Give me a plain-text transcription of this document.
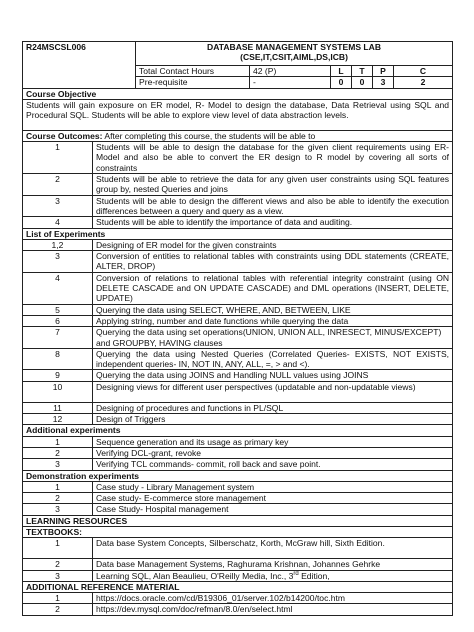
R24MSCSL006		DATABASE MANAGEMENT SYSTEMS LAB
(CSE,IT,CSIT,AIML,DS,ICB)					

		Total Contact Hours	42 (P)	L	T	P	C
		Pre-requisite	-	0	0	3	2
Course Objective							
Students will gain exposure on ER model, R- Model to design the database, Data Retrieval using SQL and Procedural SQL. Students will be able to explore view level of data abstraction levels.							
Course Outcomes: After completing this course, the students will be able to							
1	Students will be able to design the database for the given client requirements using ER- Model and also be able to convert the ER design to R model by covering all sorts of constraints						
2	Students will be able to retrieve the data for any given user constraints using SQL features group by, nested Queries and joins						
3	Students will be able to design the different views and also be able to identify the execution differences between a query and query as a view.						
4	Students will be able to identify the importance of data and auditing.						
List of Experiments							
1,2	Designing of ER model for the given constraints						
3	Conversion of entities to relational tables with constraints using DDL statements (CREATE, ALTER, DROP)						
4	Conversion of relations to relational tables with referential integrity constraint (using ON DELETE CASCADE and ON UPDATE CASCADE) and DML operations (INSERT, DELETE, UPDATE)						
5	Querying the data using SELECT, WHERE, AND, BETWEEN, LIKE						
6	Applying string, number and date functions while querying the data						
7	Querying the data using set operations(UNION, UNION ALL, INRESECT, MINUS/EXCEPT) and GROUPBY, HAVING clauses						
8	Querying the data using Nested Queries (Correlated Queries- EXISTS, NOT EXISTS, independent queries- IN, NOT IN, ANY, ALL, =, > and <).						
9	Querying the data using JOINS and Handling NULL values using JOINS						
10	Designing views for different user perspectives (updatable and non-updatable views)						
11	Designing of procedures and functions in PL/SQL						
12	Design of Triggers						
Additional experiments							
1	Sequence generation and its usage as primary key						
2	Verifying DCL-grant, revoke						
3	Verifying TCL commands- commit, roll back and save point.						
Demonstration experiments							
1	Case study - Library Management system						
2	Case study- E-commerce store management						
3	Case Study- Hospital management						
LEARNING RESOURCES							
TEXTBOOKS:							
1	Data base System Concepts, Silberschatz, Korth, McGraw hill, Sixth Edition.						
2	Data base Management Systems, Raghurama Krishnan, Johannes Gehrke						
3	Learning SQL, Alan Beaulieu, O'Reilly Media, Inc., 3rd Edition,						
ADDITIONAL REFERENCE MATERIAL							
1	https://docs.oracle.com/cd/B19306_01/server.102/b14200/toc.htm						
2	https://dev.mysql.com/doc/refman/8.0/en/select.html						
